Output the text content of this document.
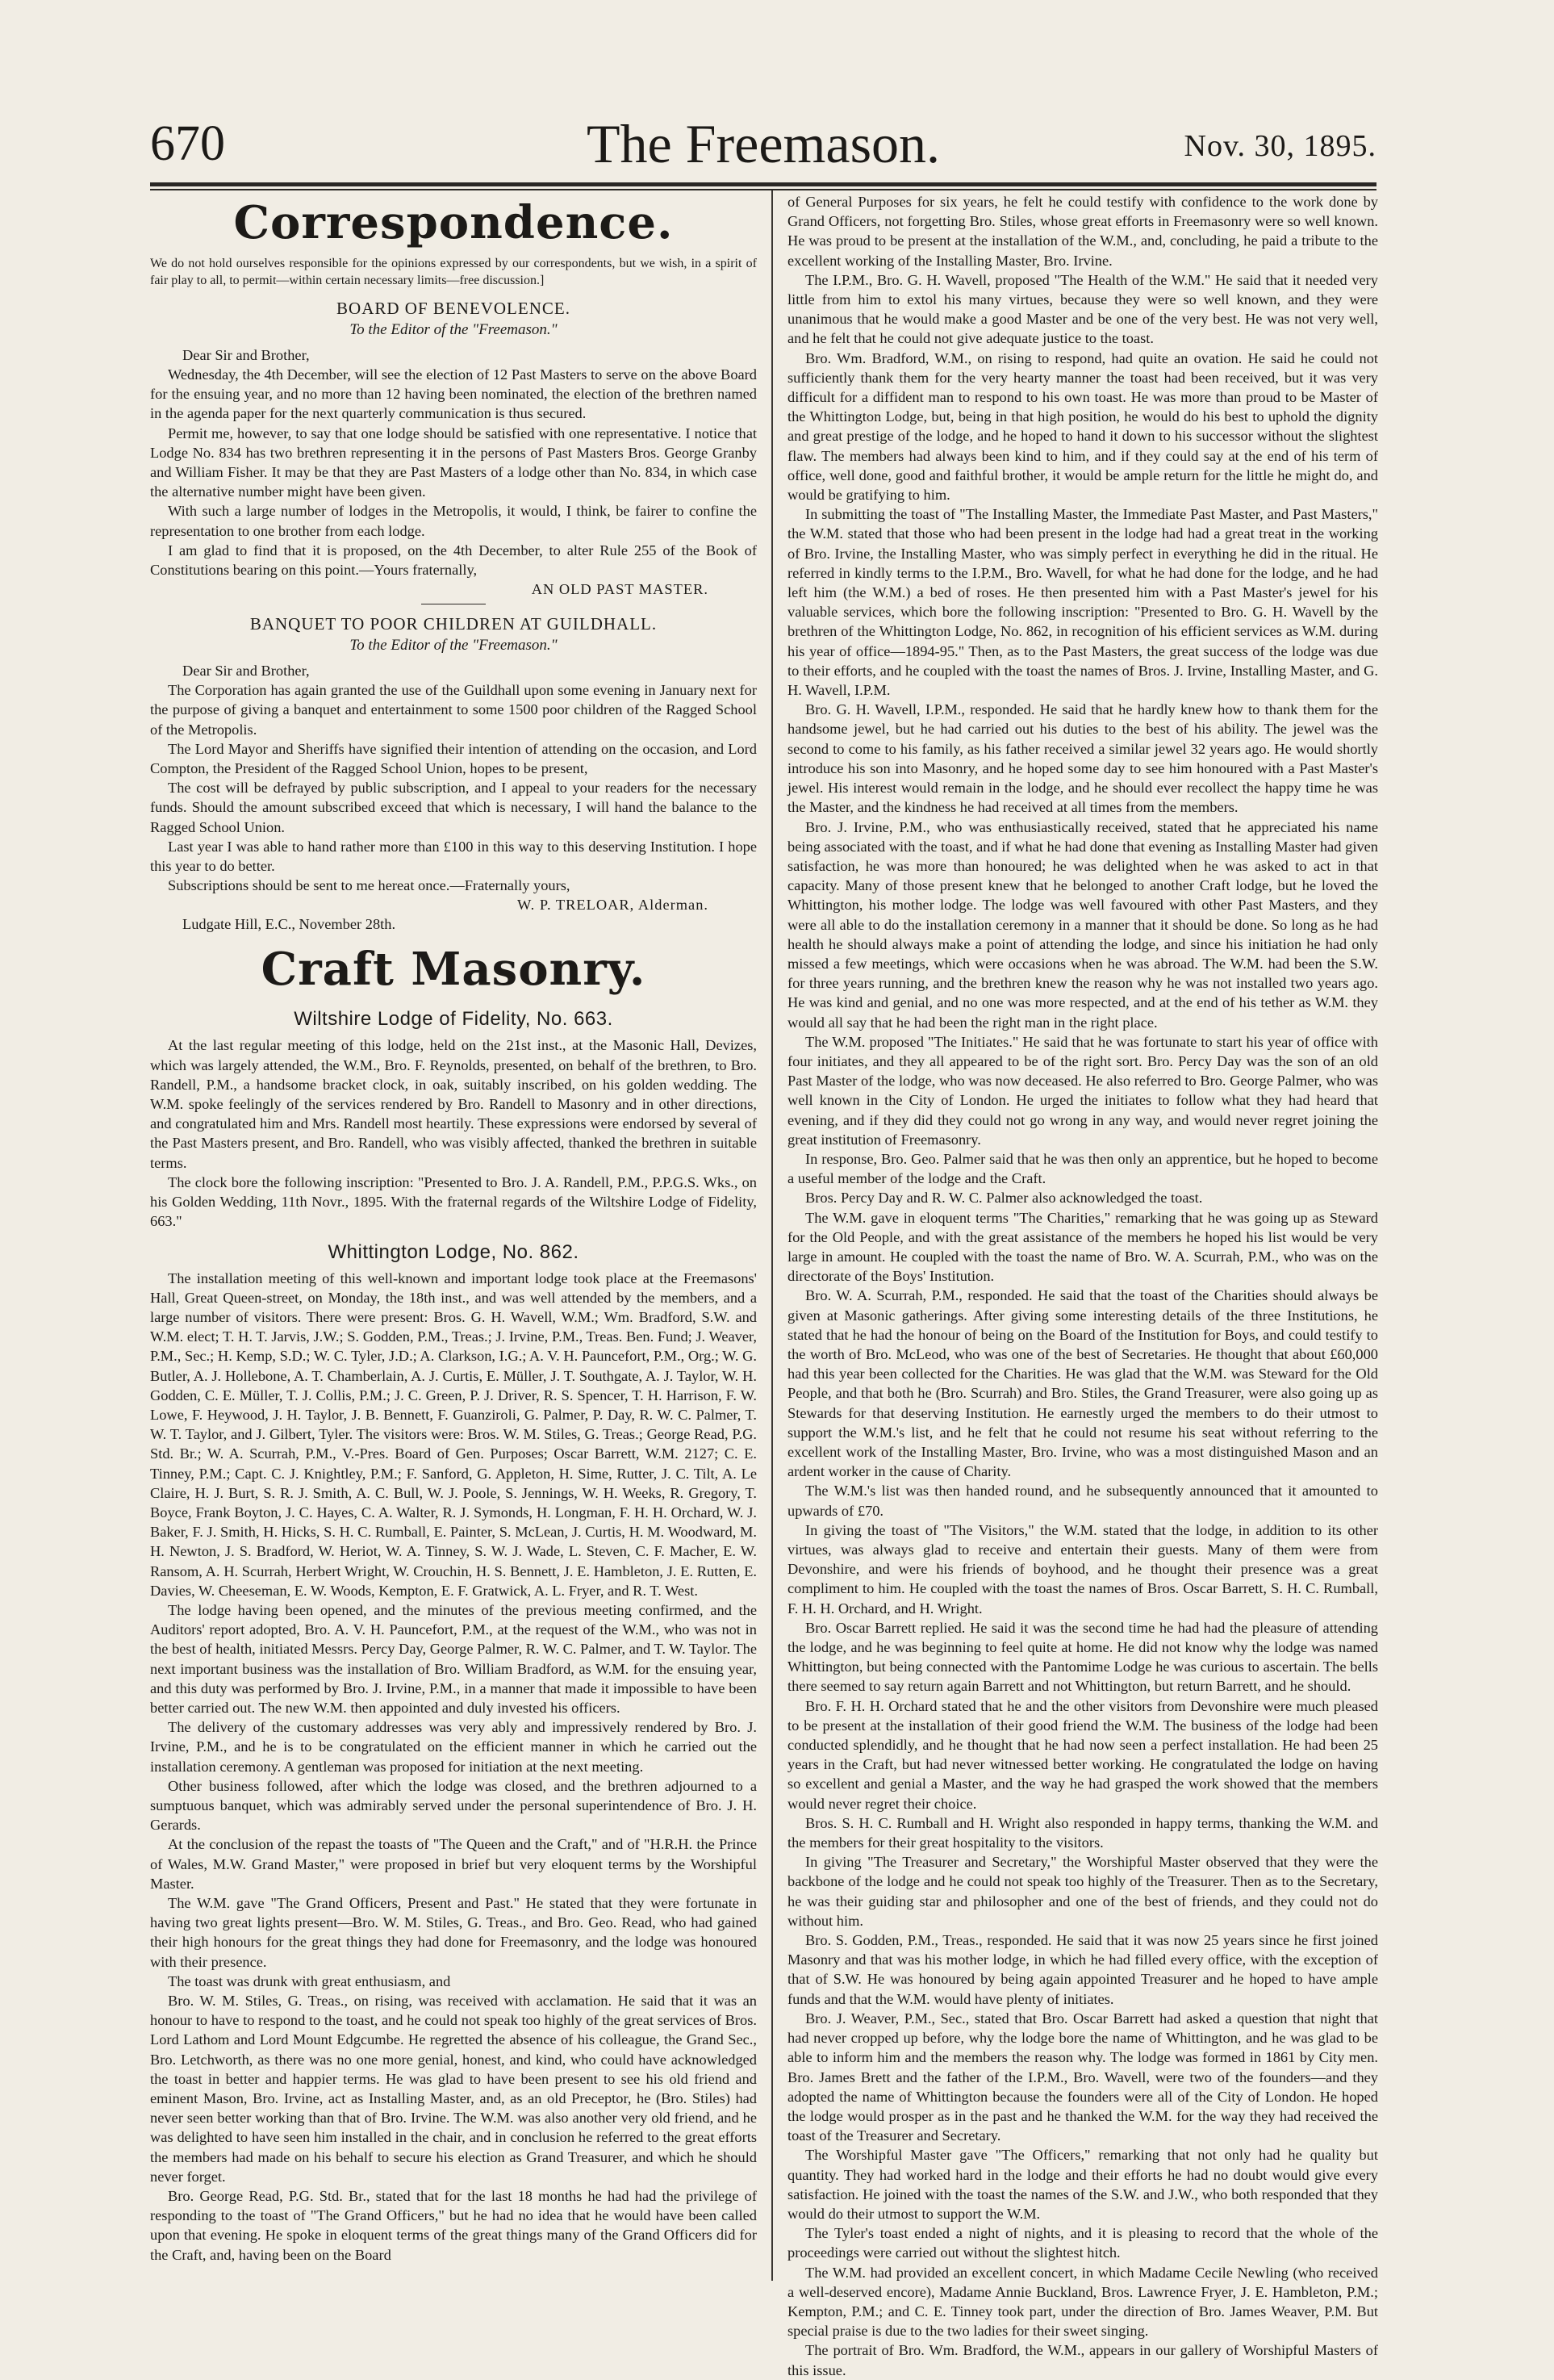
670	The Freemason.	Nov. 30, 1895.
Correspondence.

We do not hold ourselves responsible for the opinions expressed by our correspondents, but we wish, in a spirit of fair play to all, to permit—within certain necessary limits—free discussion.]

BOARD OF BENEVOLENCE.
To the Editor of the "Freemason."
Dear Sir and Brother,

Wednesday, the 4th December, will see the election of 12 Past Masters to serve on the above Board for the ensuing year, and no more than 12 having been nominated, the election of the brethren named in the agenda paper for the next quarterly communication is thus secured.

Permit me, however, to say that one lodge should be satisfied with one representative. I notice that Lodge No. 834 has two brethren representing it in the persons of Past Masters Bros. George Granby and William Fisher. It may be that they are Past Masters of a lodge other than No. 834, in which case the alternative number might have been given.

With such a large number of lodges in the Metropolis, it would, I think, be fairer to confine the representation to one brother from each lodge.

I am glad to find that it is proposed, on the 4th December, to alter Rule 255 of the Book of Constitutions bearing on this point.—Yours fraternally,

AN OLD PAST MASTER.
BANQUET TO POOR CHILDREN AT GUILDHALL.
To the Editor of the "Freemason."
Dear Sir and Brother,

The Corporation has again granted the use of the Guildhall upon some evening in January next for the purpose of giving a banquet and entertainment to some 1500 poor children of the Ragged School of the Metropolis.

The Lord Mayor and Sheriffs have signified their intention of attending on the occasion, and Lord Compton, the President of the Ragged School Union, hopes to be present,

The cost will be defrayed by public subscription, and I appeal to your readers for the necessary funds. Should the amount subscribed exceed that which is necessary, I will hand the balance to the Ragged School Union.

Last year I was able to hand rather more than £100 in this way to this deserving Institution. I hope this year to do better.

Subscriptions should be sent to me hereat once.—Fraternally yours,

W. P. TRELOAR, Alderman.
Ludgate Hill, E.C., November 28th.
Craft Masonry.
Wiltshire Lodge of Fidelity, No. 663.

At the last regular meeting of this lodge, held on the 21st inst., at the Masonic Hall, Devizes, which was largely attended, the W.M., Bro. F. Reynolds, presented, on behalf of the brethren, to Bro. Randell, P.M., a handsome bracket clock, in oak, suitably inscribed, on his golden wedding. The W.M. spoke feelingly of the services rendered by Bro. Randell to Masonry and in other directions, and congratulated him and Mrs. Randell most heartily. These expressions were endorsed by several of the Past Masters present, and Bro. Randell, who was visibly affected, thanked the brethren in suitable terms.

The clock bore the following inscription: "Presented to Bro. J. A. Randell, P.M., P.P.G.S. Wks., on his Golden Wedding, 11th Novr., 1895. With the fraternal regards of the Wiltshire Lodge of Fidelity, 663."

Whittington Lodge, No. 862.

The installation meeting of this well-known and important lodge took place at the Freemasons' Hall, Great Queen-street, on Monday, the 18th inst., and was well attended by the members, and a large number of visitors. There were present: Bros. G. H. Wavell, W.M.; Wm. Bradford, S.W. and W.M. elect; T. H. T. Jarvis, J.W.; S. Godden, P.M., Treas.; J. Irvine, P.M., Treas. Ben. Fund; J. Weaver, P.M., Sec.; H. Kemp, S.D.; W. C. Tyler, J.D.; A. Clarkson, I.G.; A. V. H. Pauncefort, P.M., Org.; W. G. Butler, A. J. Hollebone, A. T. Chamberlain, A. J. Curtis, E. Müller, J. T. Southgate, A. J. Taylor, W. H. Godden, C. E. Müller, T. J. Collis, P.M.; J. C. Green, P. J. Driver, R. S. Spencer, T. H. Harrison, F. W. Lowe, F. Heywood, J. H. Taylor, J. B. Bennett, F. Guanziroli, G. Palmer, P. Day, R. W. C. Palmer, T. W. T. Taylor, and J. Gilbert, Tyler. The visitors were: Bros. W. M. Stiles, G. Treas.; George Read, P.G. Std. Br.; W. A. Scurrah, P.M., V.-Pres. Board of Gen. Purposes; Oscar Barrett, W.M. 2127; C. E. Tinney, P.M.; Capt. C. J. Knightley, P.M.; F. Sanford, G. Appleton, H. Sime, Rutter, J. C. Tilt, A. Le Claire, H. J. Burt, S. R. J. Smith, A. C. Bull, W. J. Poole, S. Jennings, W. H. Weeks, R. Gregory, T. Boyce, Frank Boyton, J. C. Hayes, C. A. Walter, R. J. Symonds, H. Longman, F. H. H. Orchard, W. J. Baker, F. J. Smith, H. Hicks, S. H. C. Rumball, E. Painter, S. McLean, J. Curtis, H. M. Woodward, M. H. Newton, J. S. Bradford, W. Heriot, W. A. Tinney, S. W. J. Wade, L. Steven, C. F. Macher, E. W. Ransom, A. H. Scurrah, Herbert Wright, W. Crouchin, H. S. Bennett, J. E. Hambleton, J. E. Rutten, E. Davies, W. Cheeseman, E. W. Woods, Kempton, E. F. Gratwick, A. L. Fryer, and R. T. West.

The lodge having been opened, and the minutes of the previous meeting confirmed, and the Auditors' report adopted, Bro. A. V. H. Pauncefort, P.M., at the request of the W.M., who was not in the best of health, initiated Messrs. Percy Day, George Palmer, R. W. C. Palmer, and T. W. Taylor. The next important business was the installation of Bro. William Bradford, as W.M. for the ensuing year, and this duty was performed by Bro. J. Irvine, P.M., in a manner that made it impossible to have been better carried out. The new W.M. then appointed and duly invested his officers.

The delivery of the customary addresses was very ably and impressively rendered by Bro. J. Irvine, P.M., and he is to be congratulated on the efficient manner in which he carried out the installation ceremony. A gentleman was proposed for initiation at the next meeting.

Other business followed, after which the lodge was closed, and the brethren adjourned to a sumptuous banquet, which was admirably served under the personal superintendence of Bro. J. H. Gerards.

At the conclusion of the repast the toasts of "The Queen and the Craft," and of "H.R.H. the Prince of Wales, M.W. Grand Master," were proposed in brief but very eloquent terms by the Worshipful Master.

The W.M. gave "The Grand Officers, Present and Past." He stated that they were fortunate in having two great lights present—Bro. W. M. Stiles, G. Treas., and Bro. Geo. Read, who had gained their high honours for the great things they had done for Freemasonry, and the lodge was honoured with their presence.

The toast was drunk with great enthusiasm, and

Bro. W. M. Stiles, G. Treas., on rising, was received with acclamation. He said that it was an honour to have to respond to the toast, and he could not speak too highly of the great services of Bros. Lord Lathom and Lord Mount Edgcumbe. He regretted the absence of his colleague, the Grand Sec., Bro. Letchworth, as there was no one more genial, honest, and kind, who could have acknowledged the toast in better and happier terms. He was glad to have been present to see his old friend and eminent Mason, Bro. Irvine, act as Installing Master, and, as an old Preceptor, he (Bro. Stiles) had never seen better working than that of Bro. Irvine. The W.M. was also another very old friend, and he was delighted to have seen him installed in the chair, and in conclusion he referred to the great efforts the members had made on his behalf to secure his election as Grand Treasurer, and which he should never forget.

Bro. George Read, P.G. Std. Br., stated that for the last 18 months he had had the privilege of responding to the toast of "The Grand Officers," but he had no idea that he would have been called upon that evening. He spoke in eloquent terms of the great things many of the Grand Officers did for the Craft, and, having been on the Board

of General Purposes for six years, he felt he could testify with confidence to the work done by Grand Officers, not forgetting Bro. Stiles, whose great efforts in Freemasonry were so well known. He was proud to be present at the installation of the W.M., and, concluding, he paid a tribute to the excellent working of the Installing Master, Bro. Irvine.

The I.P.M., Bro. G. H. Wavell, proposed "The Health of the W.M." He said that it needed very little from him to extol his many virtues, because they were so well known, and they were unanimous that he would make a good Master and be one of the very best. He was not very well, and he felt that he could not give adequate justice to the toast.

Bro. Wm. Bradford, W.M., on rising to respond, had quite an ovation. He said he could not sufficiently thank them for the very hearty manner the toast had been received, but it was very difficult for a diffident man to respond to his own toast. He was more than proud to be Master of the Whittington Lodge, but, being in that high position, he would do his best to uphold the dignity and great prestige of the lodge, and he hoped to hand it down to his successor without the slightest flaw. The members had always been kind to him, and if they could say at the end of his term of office, well done, good and faithful brother, it would be ample return for the little he might do, and would be gratifying to him.

In submitting the toast of "The Installing Master, the Immediate Past Master, and Past Masters," the W.M. stated that those who had been present in the lodge had had a great treat in the working of Bro. Irvine, the Installing Master, who was simply perfect in everything he did in the ritual. He referred in kindly terms to the I.P.M., Bro. Wavell, for what he had done for the lodge, and he had left him (the W.M.) a bed of roses. He then presented him with a Past Master's jewel for his valuable services, which bore the following inscription: "Presented to Bro. G. H. Wavell by the brethren of the Whittington Lodge, No. 862, in recognition of his efficient services as W.M. during his year of office—1894-95." Then, as to the Past Masters, the great success of the lodge was due to their efforts, and he coupled with the toast the names of Bros. J. Irvine, Installing Master, and G. H. Wavell, I.P.M.

Bro. G. H. Wavell, I.P.M., responded. He said that he hardly knew how to thank them for the handsome jewel, but he had carried out his duties to the best of his ability. The jewel was the second to come to his family, as his father received a similar jewel 32 years ago. He would shortly introduce his son into Masonry, and he hoped some day to see him honoured with a Past Master's jewel. His interest would remain in the lodge, and he should ever recollect the happy time he was the Master, and the kindness he had received at all times from the members.

Bro. J. Irvine, P.M., who was enthusiastically received, stated that he appreciated his name being associated with the toast, and if what he had done that evening as Installing Master had given satisfaction, he was more than honoured; he was delighted when he was asked to act in that capacity. Many of those present knew that he belonged to another Craft lodge, but he loved the Whittington, his mother lodge. The lodge was well favoured with other Past Masters, and they were all able to do the installation ceremony in a manner that it should be done. So long as he had health he should always make a point of attending the lodge, and since his initiation he had only missed a few meetings, which were occasions when he was abroad. The W.M. had been the S.W. for three years running, and the brethren knew the reason why he was not installed two years ago. He was kind and genial, and no one was more respected, and at the end of his tether as W.M. they would all say that he had been the right man in the right place.

The W.M. proposed "The Initiates." He said that he was fortunate to start his year of office with four initiates, and they all appeared to be of the right sort. Bro. Percy Day was the son of an old Past Master of the lodge, who was now deceased. He also referred to Bro. George Palmer, who was well known in the City of London. He urged the initiates to follow what they had heard that evening, and if they did they could not go wrong in any way, and would never regret joining the great institution of Freemasonry.

In response, Bro. Geo. Palmer said that he was then only an apprentice, but he hoped to become a useful member of the lodge and the Craft.

Bros. Percy Day and R. W. C. Palmer also acknowledged the toast.

The W.M. gave in eloquent terms "The Charities," remarking that he was going up as Steward for the Old People, and with the great assistance of the members he hoped his list would be very large in amount. He coupled with the toast the name of Bro. W. A. Scurrah, P.M., who was on the directorate of the Boys' Institution.

Bro. W. A. Scurrah, P.M., responded. He said that the toast of the Charities should always be given at Masonic gatherings. After giving some interesting details of the three Institutions, he stated that he had the honour of being on the Board of the Institution for Boys, and could testify to the worth of Bro. McLeod, who was one of the best of Secretaries. He thought that about £60,000 had this year been collected for the Charities. He was glad that the W.M. was Steward for the Old People, and that both he (Bro. Scurrah) and Bro. Stiles, the Grand Treasurer, were also going up as Stewards for that deserving Institution. He earnestly urged the members to do their utmost to support the W.M.'s list, and he felt that he could not resume his seat without referring to the excellent work of the Installing Master, Bro. Irvine, who was a most distinguished Mason and an ardent worker in the cause of Charity.

The W.M.'s list was then handed round, and he subsequently announced that it amounted to upwards of £70.

In giving the toast of "The Visitors," the W.M. stated that the lodge, in addition to its other virtues, was always glad to receive and entertain their guests. Many of them were from Devonshire, and were his friends of boyhood, and he thought their presence was a great compliment to him. He coupled with the toast the names of Bros. Oscar Barrett, S. H. C. Rumball, F. H. H. Orchard, and H. Wright.

Bro. Oscar Barrett replied. He said it was the second time he had had the pleasure of attending the lodge, and he was beginning to feel quite at home. He did not know why the lodge was named Whittington, but being connected with the Pantomime Lodge he was curious to ascertain. The bells there seemed to say return again Barrett and not Whittington, but return Barrett, and he should.

Bro. F. H. H. Orchard stated that he and the other visitors from Devonshire were much pleased to be present at the installation of their good friend the W.M. The business of the lodge had been conducted splendidly, and he thought that he had now seen a perfect installation. He had been 25 years in the Craft, but had never witnessed better working. He congratulated the lodge on having so excellent and genial a Master, and the way he had grasped the work showed that the members would never regret their choice.

Bros. S. H. C. Rumball and H. Wright also responded in happy terms, thanking the W.M. and the members for their great hospitality to the visitors.

In giving "The Treasurer and Secretary," the Worshipful Master observed that they were the backbone of the lodge and he could not speak too highly of the Treasurer. Then as to the Secretary, he was their guiding star and philosopher and one of the best of friends, and they could not do without him.

Bro. S. Godden, P.M., Treas., responded. He said that it was now 25 years since he first joined Masonry and that was his mother lodge, in which he had filled every office, with the exception of that of S.W. He was honoured by being again appointed Treasurer and he hoped to have ample funds and that the W.M. would have plenty of initiates.

Bro. J. Weaver, P.M., Sec., stated that Bro. Oscar Barrett had asked a question that night that had never cropped up before, why the lodge bore the name of Whittington, and he was glad to be able to inform him and the members the reason why. The lodge was formed in 1861 by City men. Bro. James Brett and the father of the I.P.M., Bro. Wavell, were two of the founders—and they adopted the name of Whittington because the founders were all of the City of London. He hoped the lodge would prosper as in the past and he thanked the W.M. for the way they had received the toast of the Treasurer and Secretary.

The Worshipful Master gave "The Officers," remarking that not only had he quality but quantity. They had worked hard in the lodge and their efforts he had no doubt would give every satisfaction. He joined with the toast the names of the S.W. and J.W., who both responded that they would do their utmost to support the W.M.

The Tyler's toast ended a night of nights, and it is pleasing to record that the whole of the proceedings were carried out without the slightest hitch.

The W.M. had provided an excellent concert, in which Madame Cecile Newling (who received a well-deserved encore), Madame Annie Buckland, Bros. Lawrence Fryer, J. E. Hambleton, P.M.; Kempton, P.M.; and C. E. Tinney took part, under the direction of Bro. James Weaver, P.M. But special praise is due to the two ladies for their sweet singing.

The portrait of Bro. Wm. Bradford, the W.M., appears in our gallery of Worshipful Masters of this issue.
